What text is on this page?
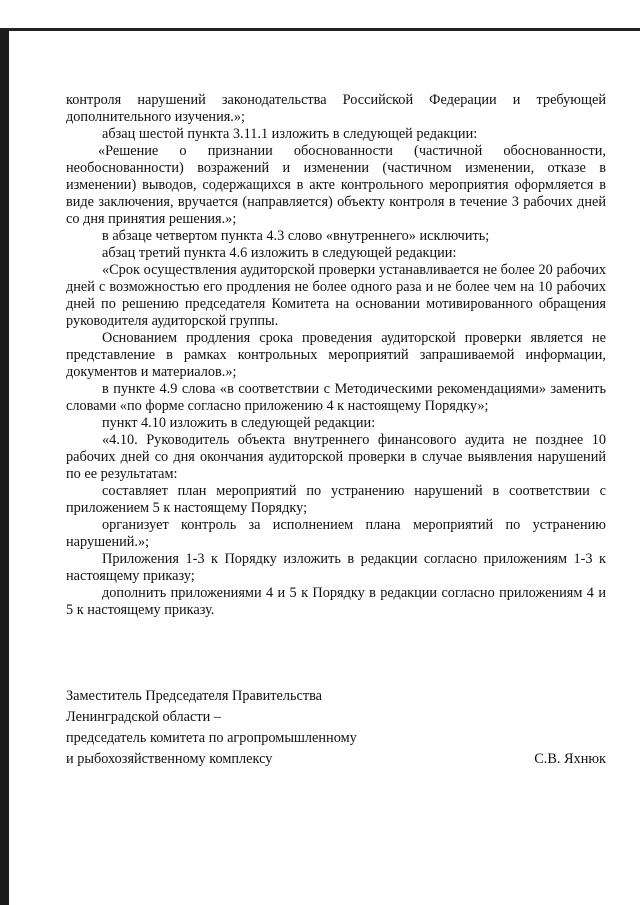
контроля нарушений законодательства Российской Федерации и требующей дополнительного изучения.»;

абзац шестой пункта 3.11.1 изложить в следующей редакции:

«Решение о признании обоснованности (частичной обоснованности, необоснованности) возражений и изменении (частичном изменении, отказе в изменении) выводов, содержащихся в акте контрольного мероприятия оформляется в виде заключения, вручается (направляется) объекту контроля в течение 3 рабочих дней со дня принятия решения.»;

в абзаце четвертом пункта 4.3 слово «внутреннего» исключить;

абзац третий пункта 4.6 изложить в следующей редакции:

«Срок осуществления аудиторской проверки устанавливается не более 20 рабочих дней с возможностью его продления не более одного раза и не более чем на 10 рабочих дней по решению председателя Комитета на основании мотивированного обращения руководителя аудиторской группы.

Основанием продления срока проведения аудиторской проверки является не представление в рамках контрольных мероприятий запрашиваемой информации, документов и материалов.»;

в пункте 4.9 слова «в соответствии с Методическими рекомендациями» заменить словами «по форме согласно приложению 4 к настоящему Порядку»;

пункт 4.10 изложить в следующей редакции:

«4.10. Руководитель объекта внутреннего финансового аудита не позднее 10 рабочих дней со дня окончания аудиторской проверки в случае выявления нарушений по ее результатам:

составляет план мероприятий по устранению нарушений в соответствии с приложением 5 к настоящему Порядку;

организует контроль за исполнением плана мероприятий по устранению нарушений.»;

Приложения 1-3 к Порядку изложить в редакции согласно приложениям 1-3 к настоящему приказу;

дополнить приложениями 4 и 5 к Порядку в редакции согласно приложениям 4 и 5 к настоящему приказу.

Заместитель Председателя Правительства

Ленинградской области –

председатель комитета по агропромышленному

и рыбохозяйственному комплексу	С.В. Яхнюк
